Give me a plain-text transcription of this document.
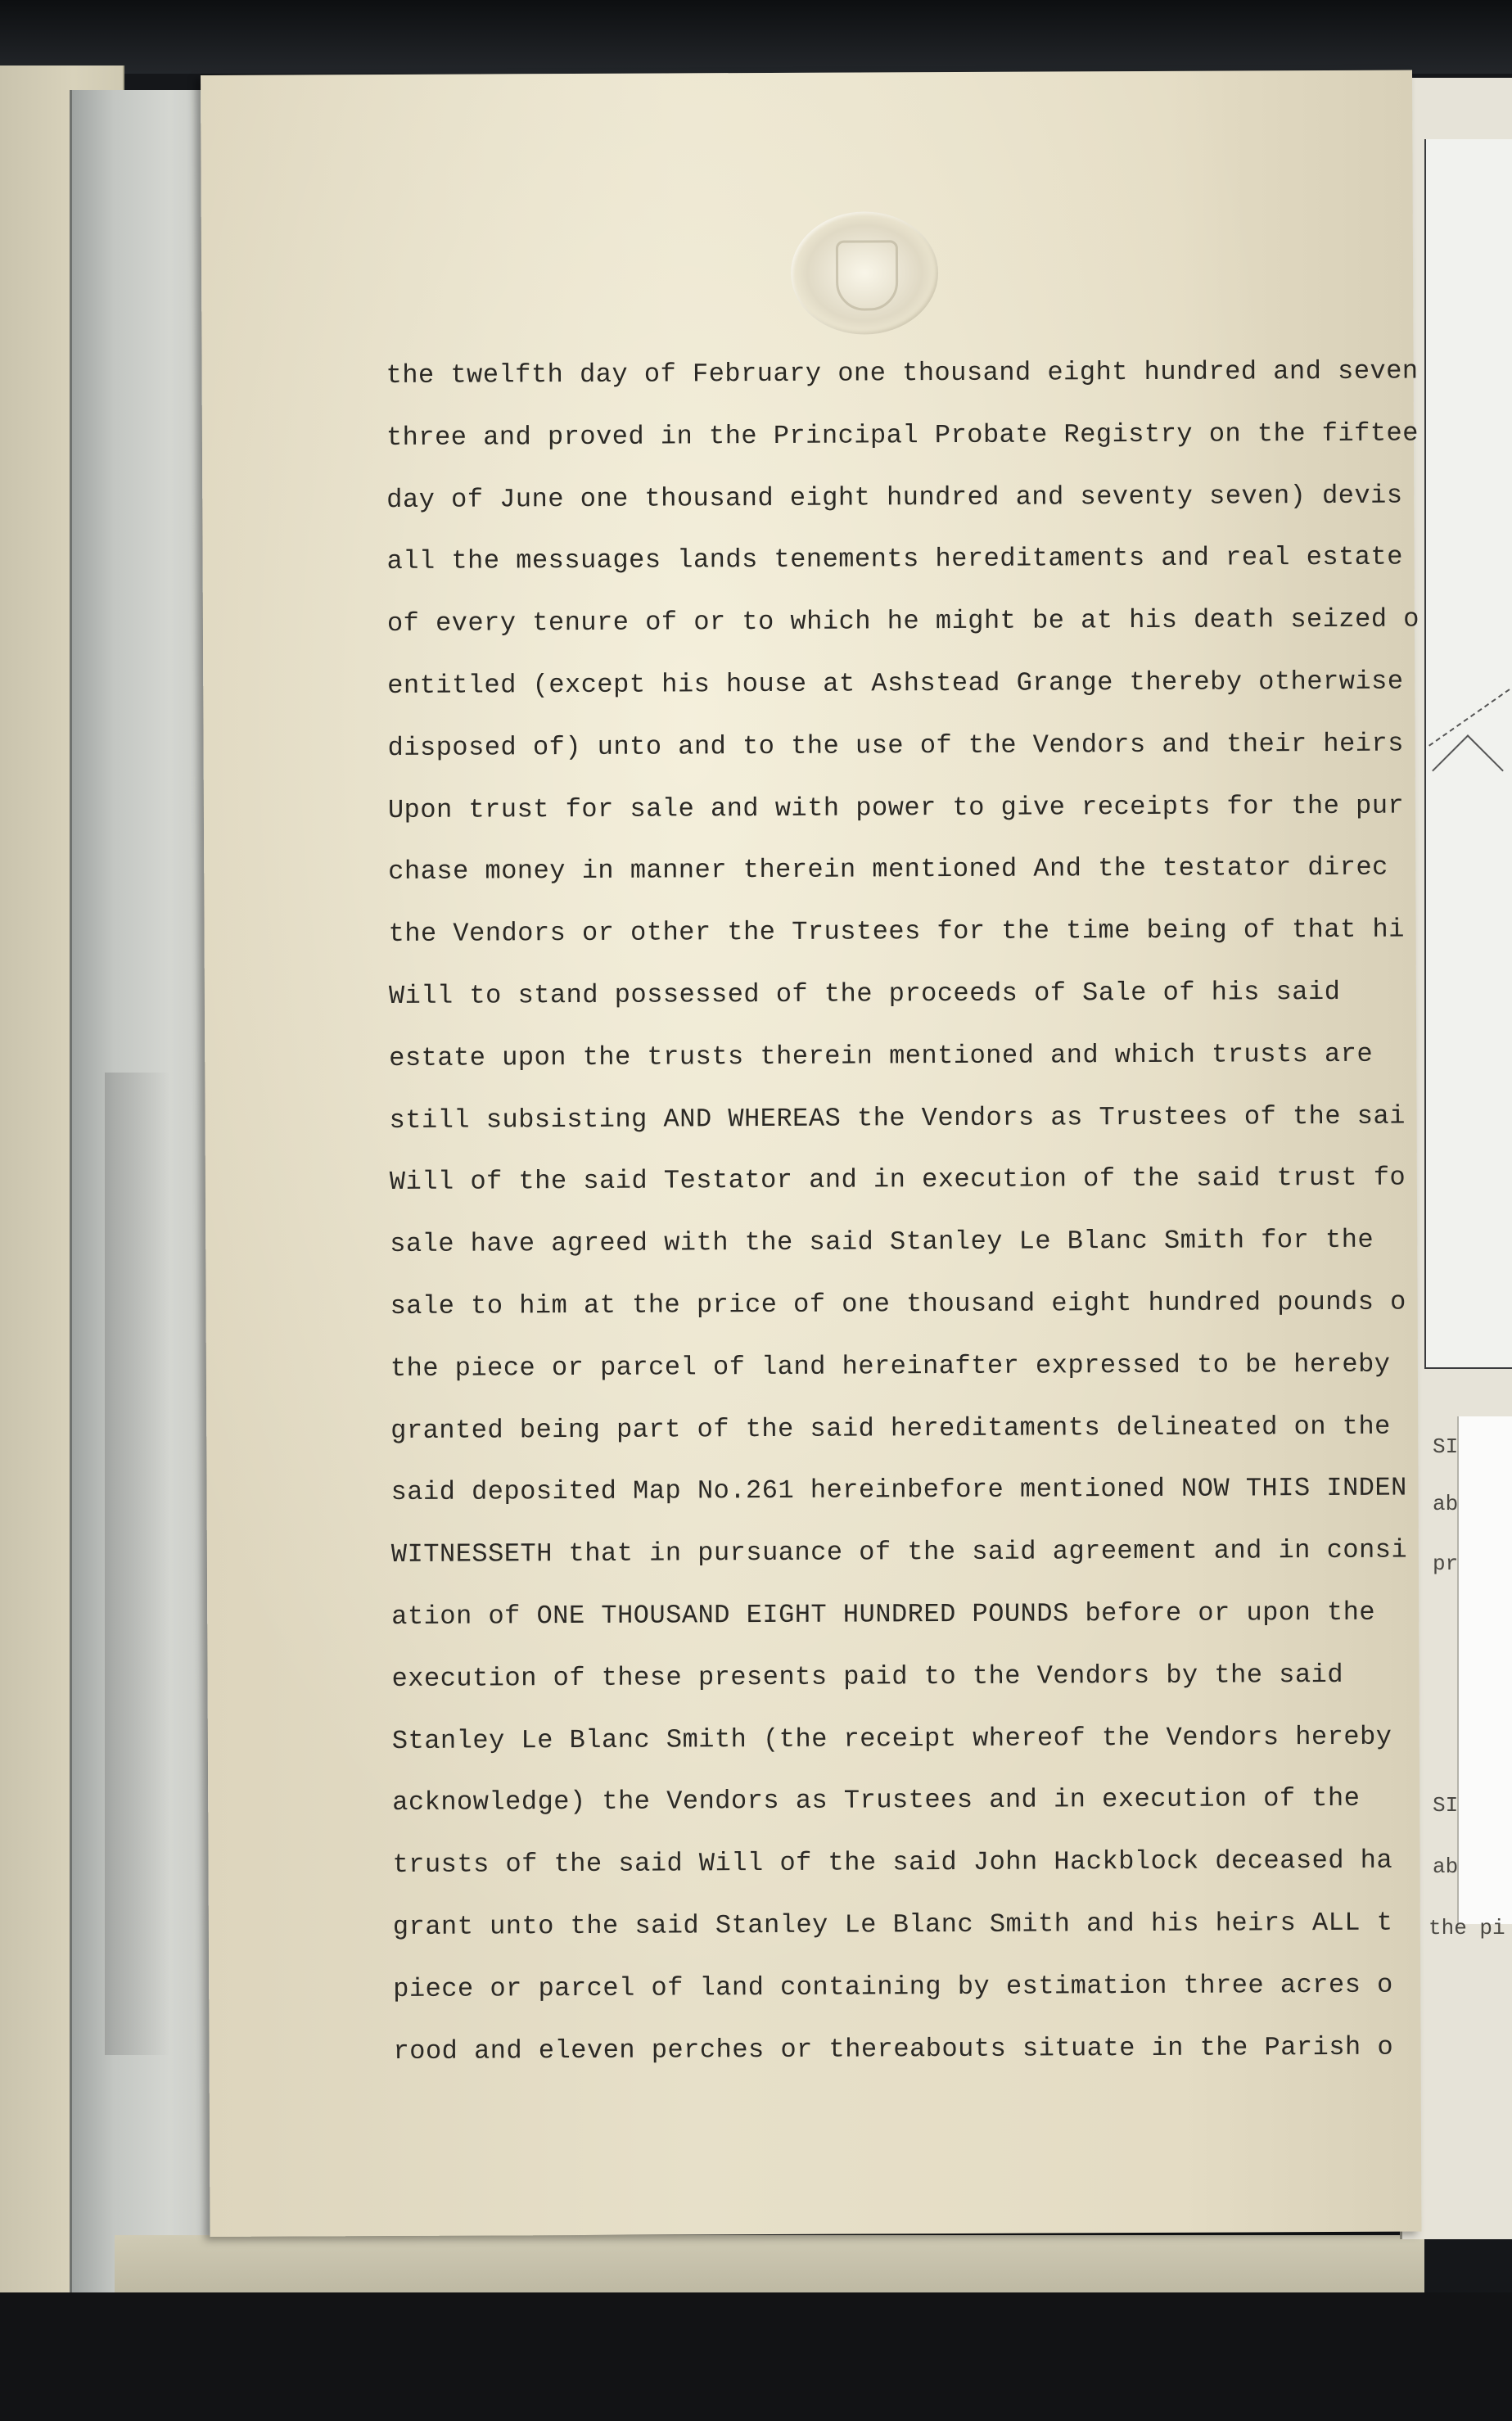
SI
ab
pr
SI
ab
the pi
the twelfth day of February one thousand eight hundred and seven
three and proved in the Principal Probate Registry on the fiftee
day of June one thousand eight hundred and seventy seven) devis
all the messuages lands tenements hereditaments and real estate
of every tenure of or to which he might be at his death seized o
entitled (except his house at Ashstead Grange thereby otherwise
disposed of) unto and to the use of the Vendors and their heirs
Upon trust for sale and with power to give receipts for the pur
chase money in manner therein mentioned And the testator direc
the Vendors or other the Trustees for the time being of that hi
Will to stand possessed of the proceeds of Sale of his said
estate upon the trusts therein mentioned and which trusts are
still subsisting AND WHEREAS the Vendors as Trustees of the sai
Will of the said Testator and in execution of the said trust fo
sale have agreed with the said Stanley Le Blanc Smith for the
sale to him at the price of one thousand eight hundred pounds o
the piece or parcel of land hereinafter expressed to be hereby
granted being part of the said hereditaments delineated on the
said deposited Map No.261 hereinbefore mentioned NOW THIS INDEN
WITNESSETH that in pursuance of the said agreement and in consi
ation of ONE THOUSAND EIGHT HUNDRED POUNDS before or upon the
execution of these presents paid to the Vendors by the said
Stanley Le Blanc Smith (the receipt whereof the Vendors hereby
acknowledge) the Vendors as Trustees and in execution of the
trusts of the said Will of the said John Hackblock deceased ha
grant unto the said Stanley Le Blanc Smith and his heirs ALL t
piece or parcel of land containing by estimation three acres o
rood and eleven perches or thereabouts situate in the Parish o
